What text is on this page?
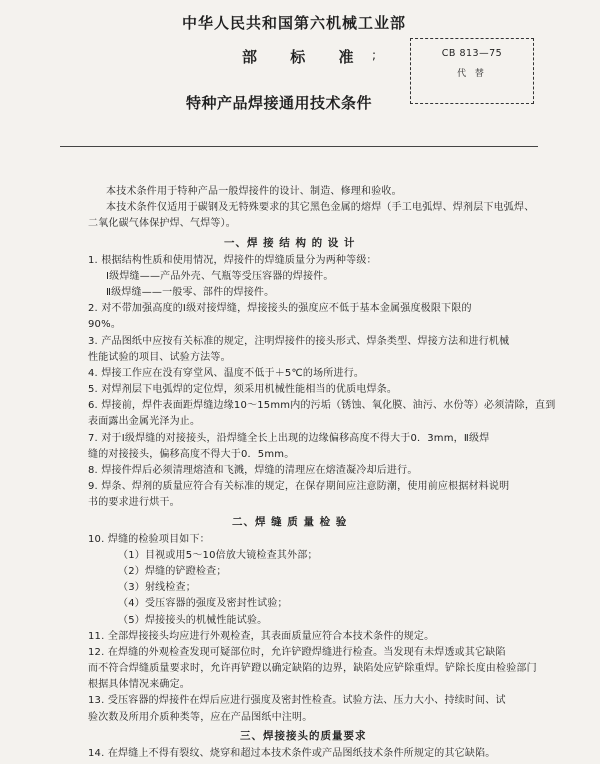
中华人民共和国第六机械工业部
部 标 准 ;	CB 813—75
代 替
特种产品焊接通用技术条件
本技术条件用于特种产品一般焊接件的设计、制造、修理和验收。
本技术条件仅适用于碳钢及无特殊要求的其它黑色金属的熔焊（手工电弧焊、焊剂层下电弧焊、
二氧化碳气体保护焊、气焊等）。
一、焊 接 结 构 的 设 计
1. 根据结构性质和使用情况，焊接件的焊缝质量分为两种等级：
Ⅰ级焊缝——产品外壳、气瓶等受压容器的焊接件。
Ⅱ级焊缝——一般零、部件的焊接件。
2. 对不带加强高度的Ⅰ级对接焊缝，焊接接头的强度应不低于基本金属强度极限下限的
90%。
3. 产品图纸中应按有关标准的规定，注明焊接件的接头形式、焊条类型、焊接方法和进行机械
性能试验的项目、试验方法等。
4. 焊接工作应在没有穿堂风、温度不低于＋5℃的场所进行。
5. 对焊剂层下电弧焊的定位焊，须采用机械性能相当的优质电焊条。
6. 焊接前，焊件表面距焊缝边缘10～15mm内的污垢（锈蚀、氧化膜、油污、水份等）必须清除，直到
表面露出金属光泽为止。
7. 对于Ⅰ级焊缝的对接接头，沿焊缝全长上出现的边缘偏移高度不得大于0．3mm，Ⅱ级焊
缝的对接接头，偏移高度不得大于0．5mm。
8. 焊接件焊后必须清理熔渣和飞溅，焊缝的清理应在熔渣凝冷却后进行。
9. 焊条、焊剂的质量应符合有关标准的规定，在保存期间应注意防潮，使用前应根据材料说明
书的要求进行烘干。
二、焊 缝 质 量 检 验
10. 焊缝的检验项目如下：
（1）目视或用5～10倍放大镜检查其外部；
（2）焊缝的铲蹬检查；
（3）射线检查；
（4）受压容器的强度及密封性试验；
（5）焊接接头的机械性能试验。
11. 全部焊接接头均应进行外观检查，其表面质量应符合本技术条件的规定。
12. 在焊缝的外观检查发现可疑部位时，允许铲蹬焊缝进行检查。当发现有未焊透或其它缺陷
而不符合焊缝质量要求时，允许再铲蹬以确定缺陷的边界，缺陷处应铲除重焊。铲除长度由检验部门
根据具体情况来确定。
13. 受压容器的焊接件在焊后应进行强度及密封性检查。试验方法、压力大小、持续时间、试
验次数及所用介质种类等，应在产品图纸中注明。
三、焊接接头的质量要求
14. 在焊缝上不得有裂纹、烧穿和超过本技术条件或产品图纸技术条件所规定的其它缺陷。
